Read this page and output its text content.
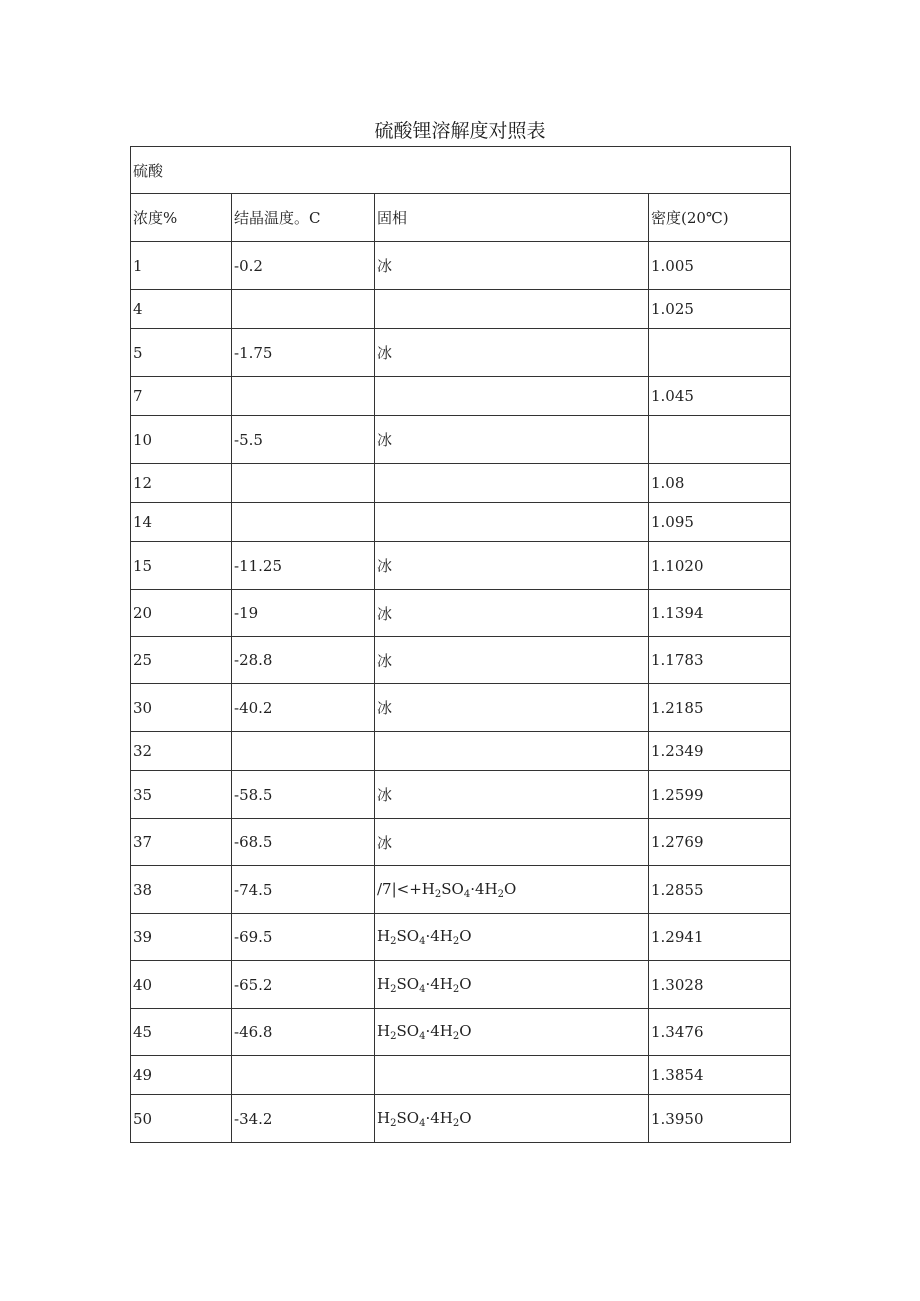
硫酸锂溶解度对照表
硫酸			
浓度%	结晶温度。C	固相	密度(20℃)
1	-0.2	冰	1.005
4			1.025
5	-1.75	冰	
7			1.045
10	-5.5	冰	
12			1.08
14			1.095
15	-11.25	冰	1.1020
20	-19	冰	1.1394
25	-28.8	冰	1.1783
30	-40.2	冰	1.2185
32			1.2349
35	-58.5	冰	1.2599
37	-68.5	冰	1.2769
38	-74.5	$/7|<+H_2SO_4\cdot 4H_2O$	1.2855
39	-69.5	$H_2SO_4\cdot 4H_2O$	1.2941
40	-65.2	$H_2SO_4\cdot 4H_2O$	1.3028
45	-46.8	$H_2SO_4\cdot 4H_2O$	1.3476
49			1.3854
50	-34.2	$H_2SO_4\cdot 4H_2O$	1.3950
